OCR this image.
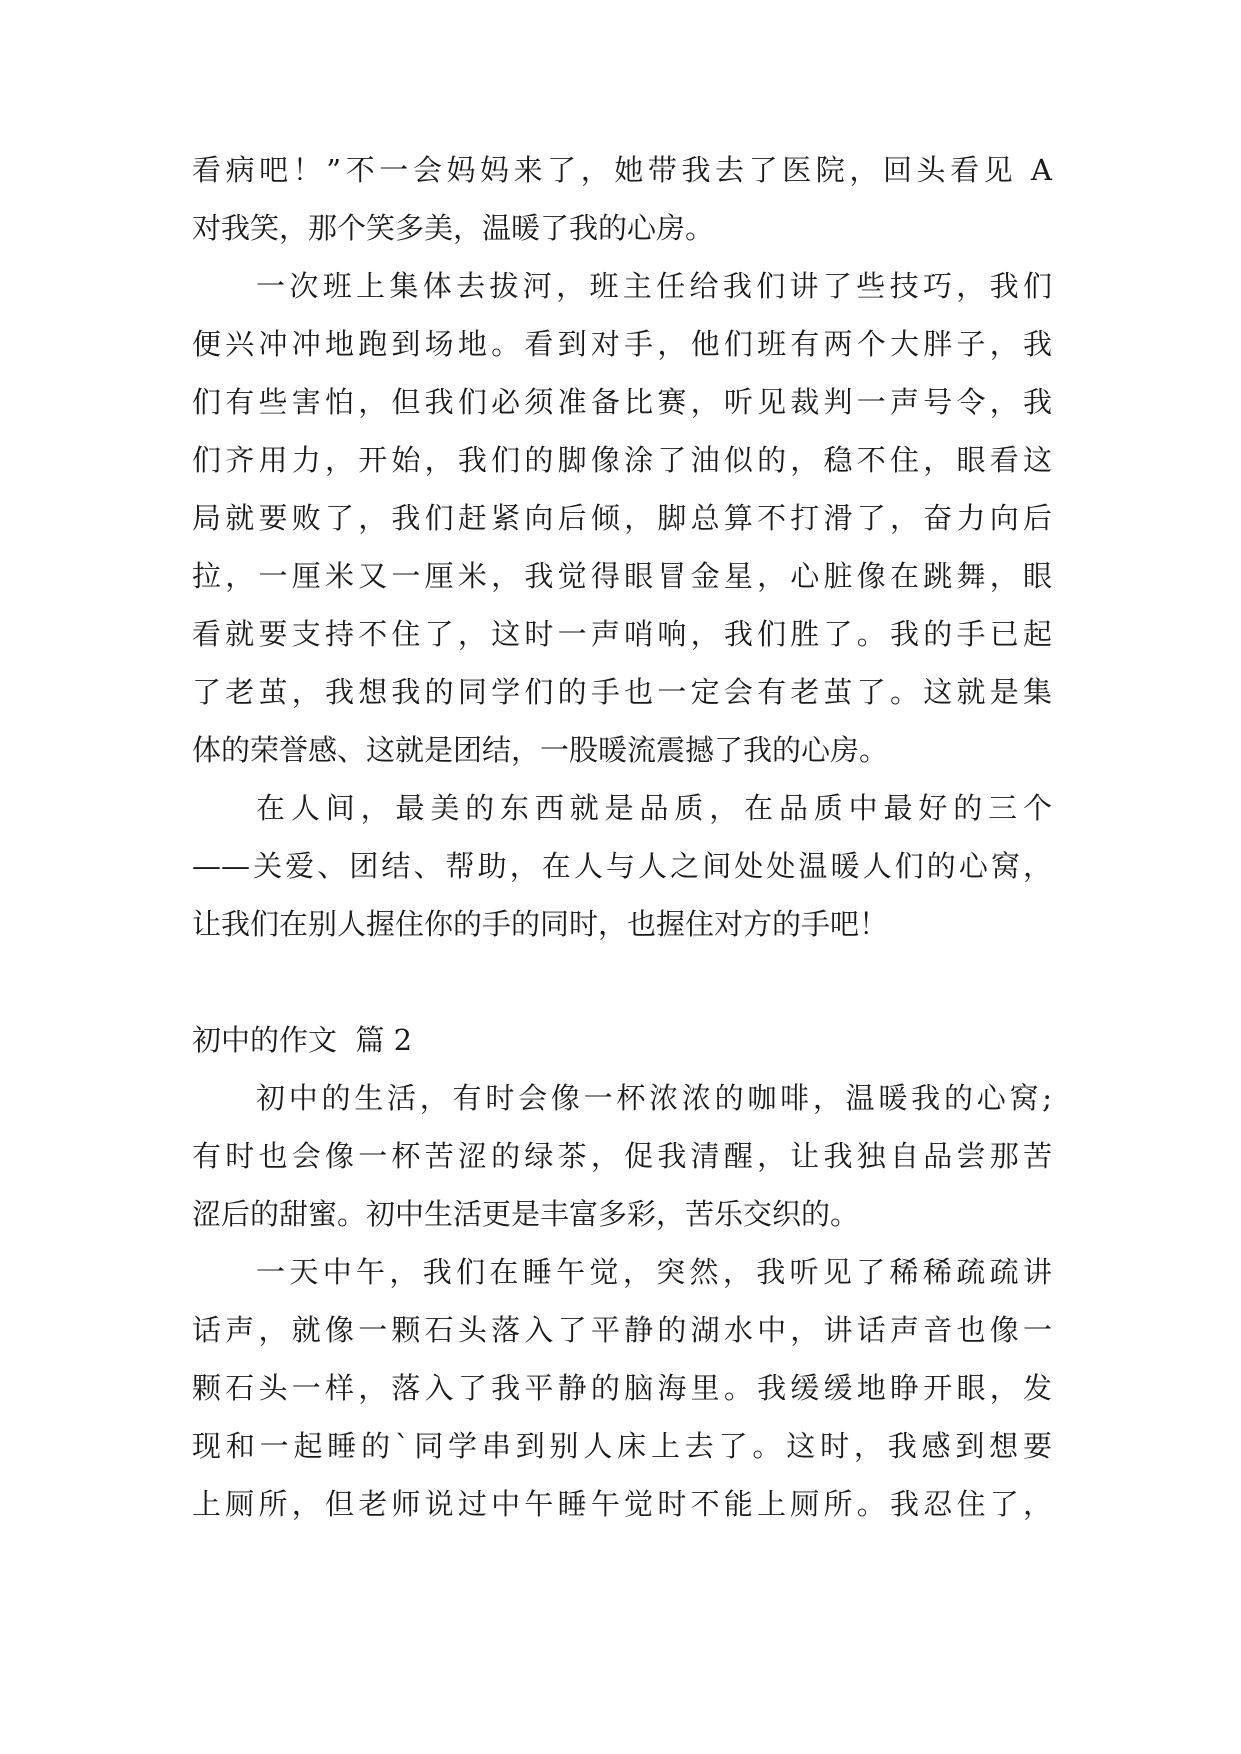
看病吧！”不一会妈妈来了，她带我去了医院，回头看见 A
对我笑，那个笑多美，温暖了我的心房。
一次班上集体去拔河，班主任给我们讲了些技巧，我们
便兴冲冲地跑到场地。看到对手，他们班有两个大胖子，我
们有些害怕，但我们必须准备比赛，听见裁判一声号令，我
们齐用力，开始，我们的脚像涂了油似的，稳不住，眼看这
局就要败了，我们赶紧向后倾，脚总算不打滑了，奋力向后
拉，一厘米又一厘米，我觉得眼冒金星，心脏像在跳舞，眼
看就要支持不住了，这时一声哨响，我们胜了。我的手已起
了老茧，我想我的同学们的手也一定会有老茧了。这就是集
体的荣誉感、这就是团结，一股暖流震撼了我的心房。
在人间，最美的东西就是品质，在品质中最好的三个
——关爱、团结、帮助，在人与人之间处处温暖人们的心窝，
让我们在别人握住你的手的同时，也握住对方的手吧！
初中的作文  篇 2
初中的生活，有时会像一杯浓浓的咖啡，温暖我的心窝;
有时也会像一杯苦涩的绿茶，促我清醒，让我独自品尝那苦
涩后的甜蜜。初中生活更是丰富多彩，苦乐交织的。
一天中午，我们在睡午觉，突然，我听见了稀稀疏疏讲
话声，就像一颗石头落入了平静的湖水中，讲话声音也像一
颗石头一样，落入了我平静的脑海里。我缓缓地睁开眼，发
现和一起睡的`同学串到别人床上去了。这时，我感到想要
上厕所，但老师说过中午睡午觉时不能上厕所。我忍住了，
